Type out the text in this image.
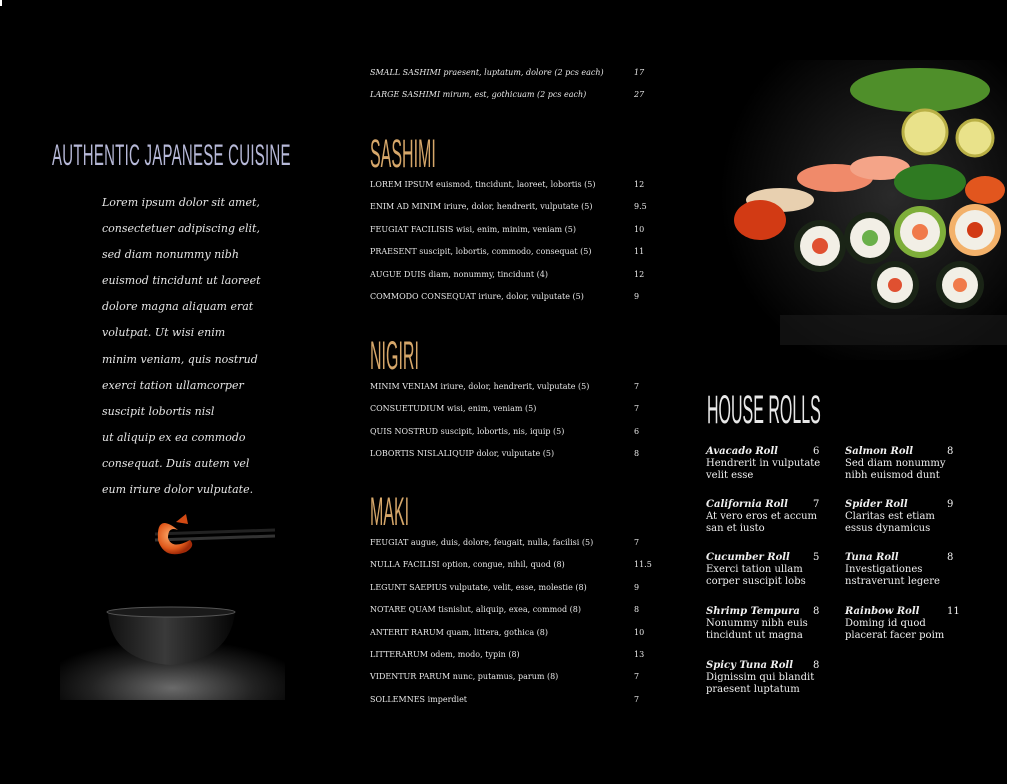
AUTHENTIC JAPANESE CUISINE
Lorem ipsum dolor sit amet,
consectetuer adipiscing elit,
sed diam nonummy nibh
euismod tincidunt ut laoreet
dolore magna aliquam erat
volutpat. Ut wisi enim
minim veniam, quis nostrud
exerci tation ullamcorper
suscipit lobortis nisl
ut aliquip ex ea commodo
consequat. Duis autem vel
eum iriure dolor vulputate.
SMALL SASHIMI praesent, luptatum, dolore (2 pcs each)	17
LARGE SASHIMI mirum, est, gothicuam (2 pcs each)	27
SASHIMI
LOREM IPSUM euismod, tincidunt, laoreet, lobortis (5)	12
ENIM AD MINIM iriure, dolor, hendrerit, vulputate (5)	9.5
FEUGIAT FACILISIS wisi, enim, minim, veniam (5)	10
PRAESENT suscipit, lobortis, commodo, consequat (5)	11
AUGUE DUIS diam, nonummy, tincidunt (4)	12
COMMODO CONSEQUAT iriure, dolor, vulputate (5)	9
NIGIRI
MINIM VENIAM iriure, dolor, hendrerit, vulputate (5)	7
CONSUETUDIUM wisi, enim, veniam (5)	7
QUIS NOSTRUD suscipit, lobortis, nis, iquip (5)	6
LOBORTIS NISLALIQUIP dolor, vulputate (5)	8
MAKI
FEUGIAT augue, duis, dolore, feugait, nulla, facilisi (5)	7
NULLA FACILISI option, congue, nihil, quod (8)	11.5
LEGUNT SAEPIUS vulputate, velit, esse, molestie (8)	9
NOTARE QUAM tisnislut, aliquip, exea, commod (8)	8
ANTERIT RARUM quam, littera, gothica (8)	10
LITTERARUM odem, modo, typin (8)	13
VIDENTUR PARUM nunc, putamus, parum (8)	7
SOLLEMNES imperdiet	7
HOUSE ROLLS
Avacado Roll	6
Hendrerit in vulputate
velit esse
Salmon Roll	8
Sed diam nonummy
nibh euismod dunt
California Roll	7
At vero eros et accum
san et iusto
Spider Roll	9
Claritas est etiam
essus dynamicus
Cucumber Roll	5
Exerci tation ullam
corper suscipit lobs
Tuna Roll	8
Investigationes
nstraverunt legere
Shrimp Tempura	8
Nonummy nibh euis
tincidunt ut magna
Rainbow Roll	11
Doming id quod
placerat facer poim
Spicy Tuna Roll	8
Dignissim qui blandit
praesent luptatum
